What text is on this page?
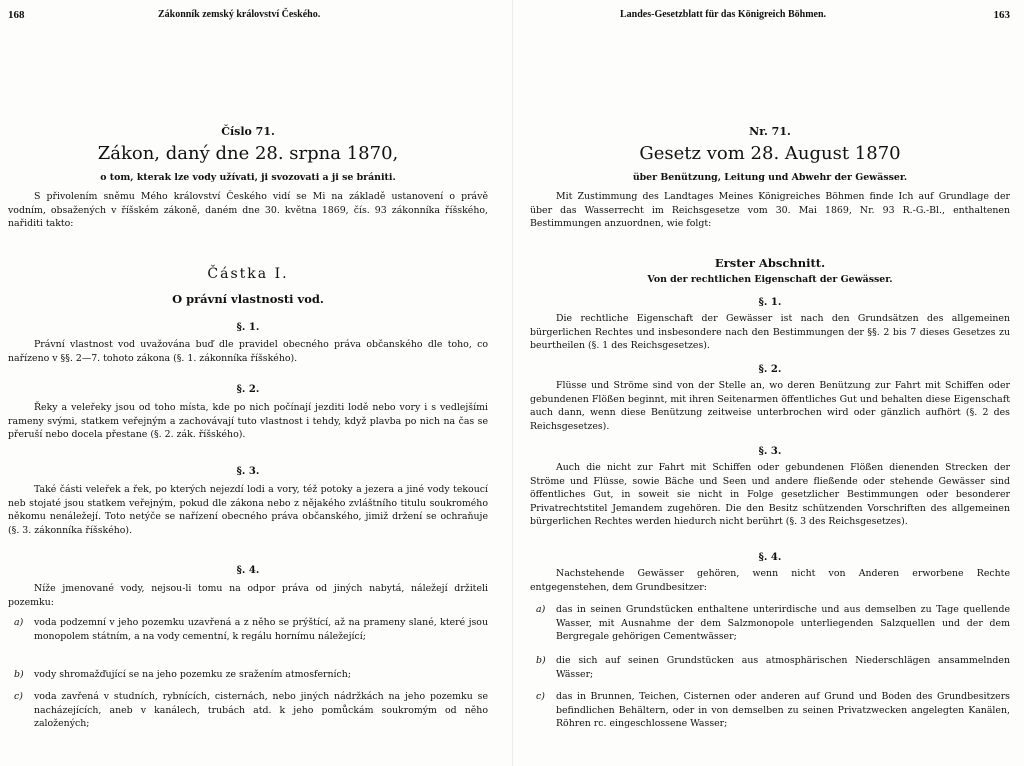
168	Zákonník zemský království Českého.
Číslo 71.
Zákon, daný dne 28. srpna 1870,
o tom, kterak lze vody užívati, ji svozovati a ji se brániti.
S přivolením sněmu Mého království Českého vidí se Mi na základě ustanovení o právě vodním, obsažených v říšském zákoně, daném dne 30. května 1869, čís. 93 zákonníka říšského, nařiditi takto:
Částka I.
O právní vlastnosti vod.
§. 1.
Právní vlastnost vod uvažována buď dle pravidel obecného práva občanského dle toho, co nařízeno v §§. 2—7. tohoto zákona (§. 1. zákonníka říšského).
§. 2.
Řeky a veleřeky jsou od toho místa, kde po nich počínají jezditi lodě nebo vory i s vedlejšími rameny svými, statkem veřejným a zachovávají tuto vlastnost i tehdy, když plavba po nich na čas se přeruší nebo docela přestane (§. 2. zák. říšského).
§. 3.
Také části veleřek a řek, po kterých nejezdí lodi a vory, též potoky a jezera a jiné vody tekoucí neb stojaté jsou statkem veřejným, pokud dle zákona nebo z nějakého zvláštního titulu soukromého někomu nenáležejí. Toto netýče se nařízení obecného práva občanského, jimiž držení se ochraňuje (§. 3. zákonníka říšského).
§. 4.
Níže jmenované vody, nejsou-li tomu na odpor práva od jiných nabytá, náležejí držiteli pozemku:
a) voda podzemní v jeho pozemku uzavřená a z něho se prýštící, až na prameny slané, které jsou monopolem státním, a na vody cementní, k regálu hornímu náležející;
b) vody shromažďující se na jeho pozemku ze sražením atmosferních;
c) voda zavřená v studních, rybnících, cisternách, nebo jiných nádržkách na jeho pozemku se nacházejících, aneb v kanálech, trubách atd. k jeho pomůckám soukromým od něho založených;
Landes-Gesetzblatt für das Königreich Böhmen.	163
Nr. 71.
Gesetz vom 28. August 1870
über Benützung, Leitung und Abwehr der Gewässer.
Mit Zustimmung des Landtages Meines Königreiches Böhmen finde Ich auf Grundlage der über das Wasserrecht im Reichsgesetze vom 30. Mai 1869, Nr. 93 R.-G.-Bl., enthaltenen Bestimmungen anzuordnen, wie folgt:
Erster Abschnitt.
Von der rechtlichen Eigenschaft der Gewässer.
§. 1.
Die rechtliche Eigenschaft der Gewässer ist nach den Grundsätzen des allgemeinen bürgerlichen Rechtes und insbesondere nach den Bestimmungen der §§. 2 bis 7 dieses Gesetzes zu beurtheilen (§. 1 des Reichsgesetzes).
§. 2.
Flüsse und Ströme sind von der Stelle an, wo deren Benützung zur Fahrt mit Schiffen oder gebundenen Flößen beginnt, mit ihren Seitenarmen öffentliches Gut und behalten diese Eigenschaft auch dann, wenn diese Benützung zeitweise unterbrochen wird oder gänzlich aufhört (§. 2 des Reichsgesetzes).
§. 3.
Auch die nicht zur Fahrt mit Schiffen oder gebundenen Flößen dienenden Strecken der Ströme und Flüsse, sowie Bäche und Seen und andere fließende oder stehende Gewässer sind öffentliches Gut, in soweit sie nicht in Folge gesetzlicher Bestimmungen oder besonderer Privatrechtstitel Jemandem zugehören. Die den Besitz schützenden Vorschriften des allgemeinen bürgerlichen Rechtes werden hiedurch nicht berührt (§. 3 des Reichsgesetzes).
§. 4.
Nachstehende Gewässer gehören, wenn nicht von Anderen erworbene Rechte entgegenstehen, dem Grundbesitzer:
a) das in seinen Grundstücken enthaltene unterirdische und aus demselben zu Tage quellende Wasser, mit Ausnahme der dem Salzmonopole unterliegenden Salzquellen und der dem Bergregale gehörigen Cementwässer;
b) die sich auf seinen Grundstücken aus atmosphärischen Niederschlägen ansammelnden Wässer;
c) das in Brunnen, Teichen, Cisternen oder anderen auf Grund und Boden des Grundbesitzers befindlichen Behältern, oder in von demselben zu seinen Privatzwecken angelegten Kanälen, Röhren rc. eingeschlossene Wasser;
